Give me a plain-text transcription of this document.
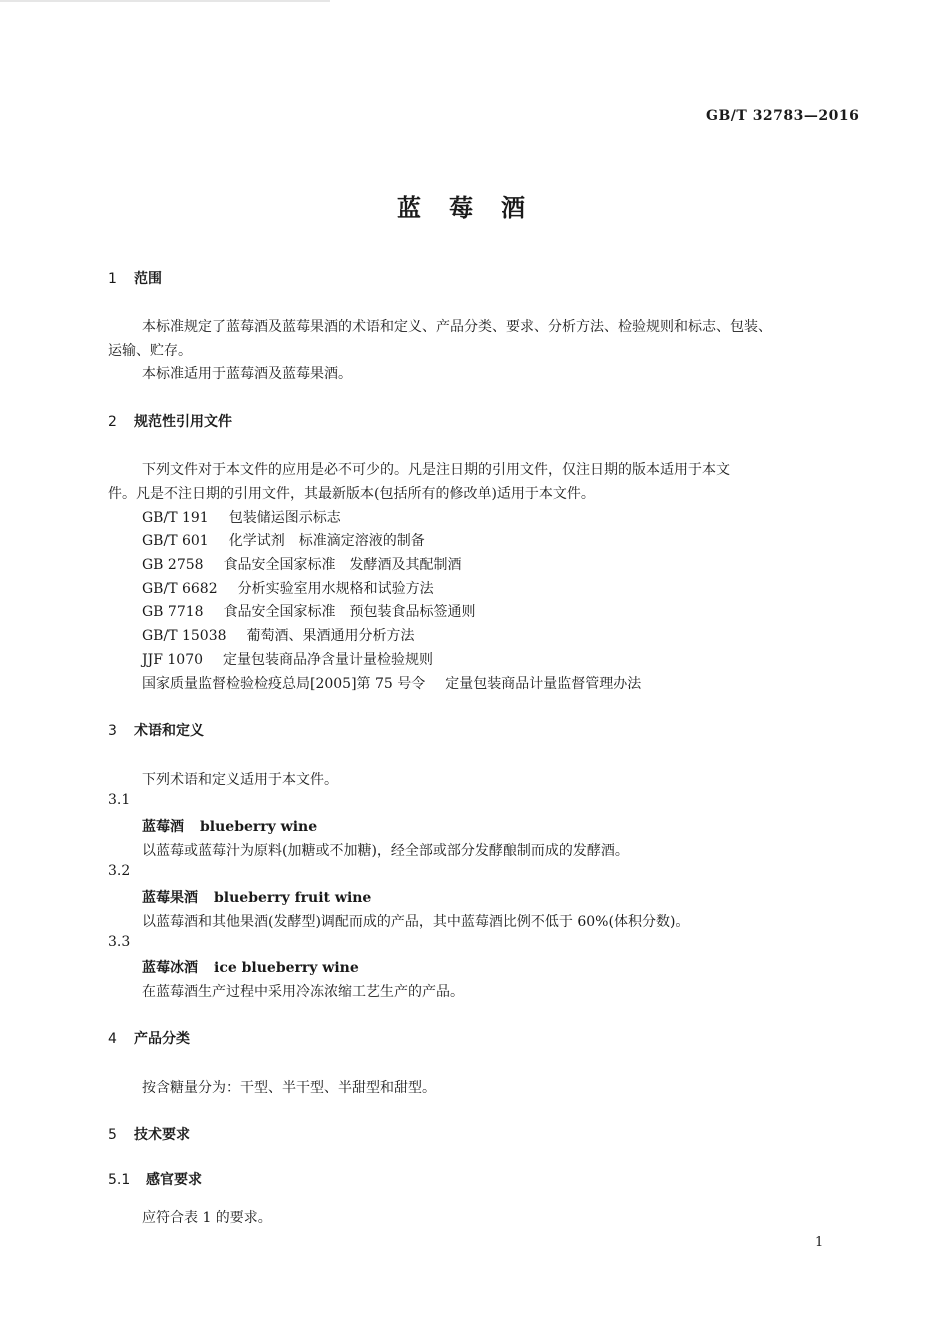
GB/T 32783—2016
蓝莓酒
1 范围
本标准规定了蓝莓酒及蓝莓果酒的术语和定义、产品分类、要求、分析方法、检验规则和标志、包装、
运输、贮存。
本标准适用于蓝莓酒及蓝莓果酒。
2 规范性引用文件
下列文件对于本文件的应用是必不可少的。凡是注日期的引用文件，仅注日期的版本适用于本文
件。凡是不注日期的引用文件，其最新版本(包括所有的修改单)适用于本文件。
GB/T 191 包装储运图示标志
GB/T 601 化学试剂　标准滴定溶液的制备
GB 2758 食品安全国家标准　发酵酒及其配制酒
GB/T 6682 分析实验室用水规格和试验方法
GB 7718 食品安全国家标准　预包装食品标签通则
GB/T 15038 葡萄酒、果酒通用分析方法
JJF 1070 定量包装商品净含量计量检验规则
国家质量监督检验检疫总局[2005]第 75 号令 定量包装商品计量监督管理办法
3 术语和定义
下列术语和定义适用于本文件。
3.1
蓝莓酒 blueberry wine
以蓝莓或蓝莓汁为原料(加糖或不加糖)，经全部或部分发酵酿制而成的发酵酒。
3.2
蓝莓果酒 blueberry fruit wine
以蓝莓酒和其他果酒(发酵型)调配而成的产品，其中蓝莓酒比例不低于 60%(体积分数)。
3.3
蓝莓冰酒 ice blueberry wine
在蓝莓酒生产过程中采用冷冻浓缩工艺生产的产品。
4 产品分类
按含糖量分为：干型、半干型、半甜型和甜型。
5 技术要求
5.1 感官要求
应符合表 1 的要求。
1
